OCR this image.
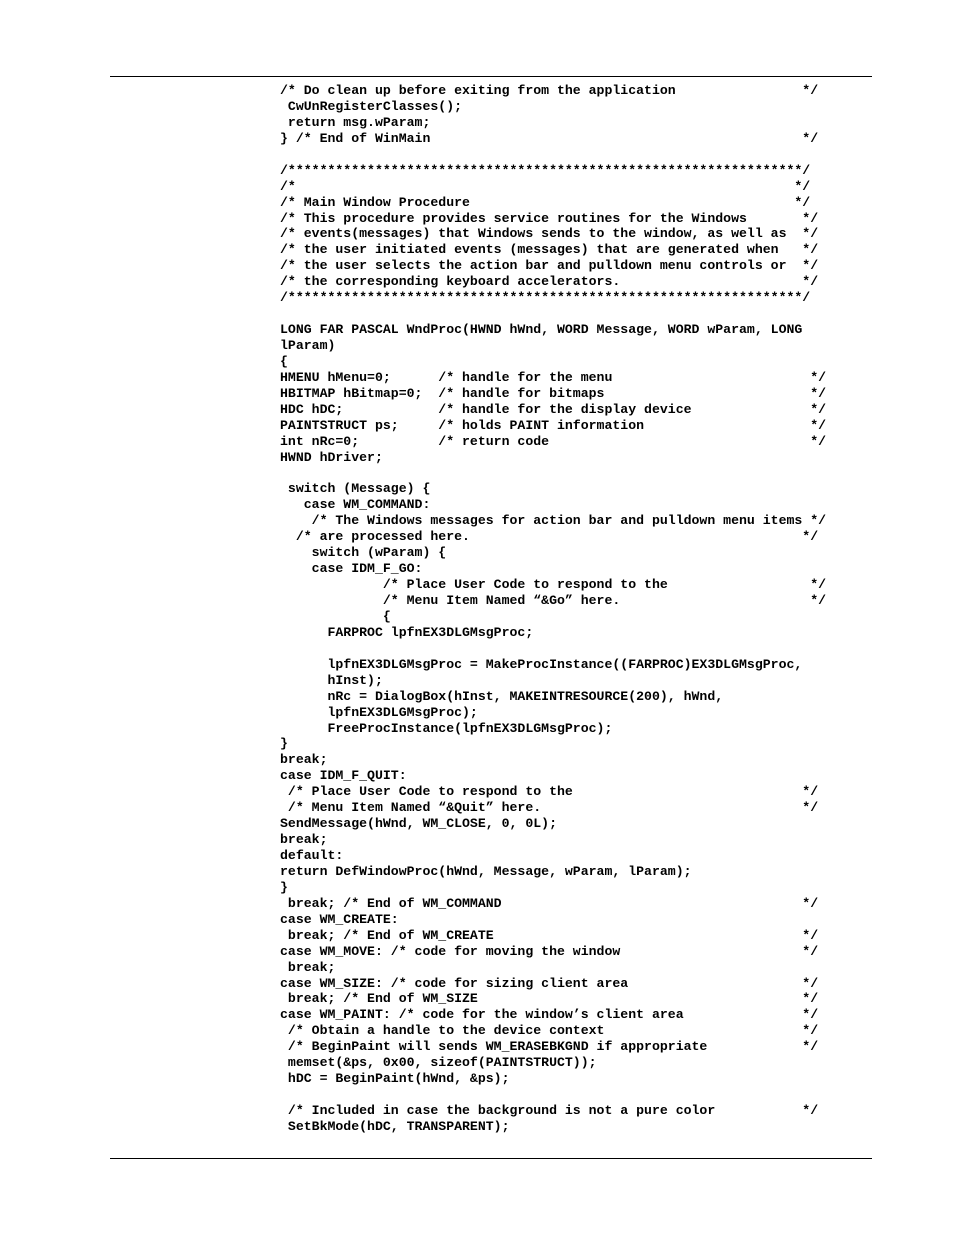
/* Do clean up before exiting from the application                */
CwUnRegisterClasses();
return msg.wParam;
} /* End of WinMain                                               */
/*****************************************************************/
/*                                                               */
/* Main Window Procedure                                         */
/* This procedure provides service routines for the Windows       */
/* events(messages) that Windows sends to the window, as well as  */
/* the user initiated events (messages) that are generated when   */
/* the user selects the action bar and pulldown menu controls or  */
/* the corresponding keyboard accelerators.                       */
/*****************************************************************/
LONG FAR PASCAL WndProc(HWND hWnd, WORD Message, WORD wParam, LONG
lParam)
{
HMENU hMenu=0;      /* handle for the menu                         */
HBITMAP hBitmap=0;  /* handle for bitmaps                          */
HDC hDC;            /* handle for the display device               */
PAINTSTRUCT ps;     /* holds PAINT information                     */
int nRc=0;          /* return code                                 */
HWND hDriver;
switch (Message) {
case WM_COMMAND:
/* The Windows messages for action bar and pulldown menu items */
/* are processed here.                                          */
switch (wParam) {
case IDM_F_GO:
/* Place User Code to respond to the                  */
/* Menu Item Named “&Go” here.                        */
{
FARPROC lpfnEX3DLGMsgProc;
lpfnEX3DLGMsgProc = MakeProcInstance((FARPROC)EX3DLGMsgProc,
hInst);
nRc = DialogBox(hInst, MAKEINTRESOURCE(200), hWnd,
lpfnEX3DLGMsgProc);
FreeProcInstance(lpfnEX3DLGMsgProc);
}
break;
case IDM_F_QUIT:
/* Place User Code to respond to the                             */
/* Menu Item Named “&Quit” here.                                 */
SendMessage(hWnd, WM_CLOSE, 0, 0L);
break;
default:
return DefWindowProc(hWnd, Message, wParam, lParam);
}
break; /* End of WM_COMMAND                                      */
case WM_CREATE:
break; /* End of WM_CREATE                                       */
case WM_MOVE: /* code for moving the window                       */
break;
case WM_SIZE: /* code for sizing client area                      */
break; /* End of WM_SIZE                                         */
case WM_PAINT: /* code for the window’s client area               */
/* Obtain a handle to the device context                         */
/* BeginPaint will sends WM_ERASEBKGND if appropriate            */
memset(&ps, 0x00, sizeof(PAINTSTRUCT));
hDC = BeginPaint(hWnd, &ps);
/* Included in case the background is not a pure color           */
SetBkMode(hDC, TRANSPARENT);
